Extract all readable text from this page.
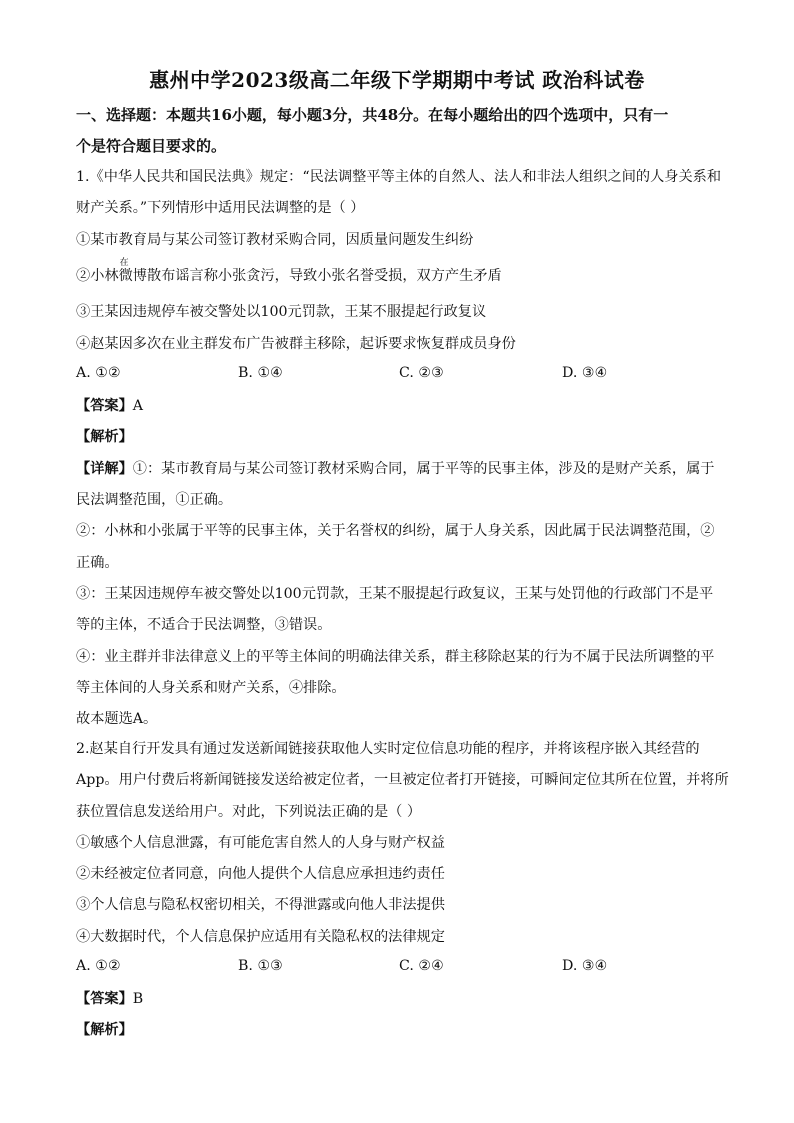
惠州中学2023级高二年级下学期期中考试 政治科试卷
一、选择题：本题共16小题，每小题3分，共48分。在每小题给出的四个选项中，只有一
个是符合题目要求的。
1.《中华人民共和国民法典》规定：“民法调整平等主体的自然人、法人和非法人组织之间的人身关系和
财产关系。”下列情形中适用民法调整的是（ ）
①某市教育局与某公司签订教材采购合同，因质量问题发生纠纷
②小林
在
微博散布谣言称小张贪污，导致小张名誉受损，双方产生矛盾
③王某因违规停车被交警处以100元罚款，王某不服提起行政复议
④赵某因多次在业主群发布广告被群主移除，起诉要求恢复群成员身份
A. ①②	B. ①④	C. ②③	D. ③④
【答案】A
【解析】
【详解】①：某市教育局与某公司签订教材采购合同，属于平等的民事主体，涉及的是财产关系，属于
民法调整范围，①正确。
②：小林和小张属于平等的民事主体，关于名誉权的纠纷，属于人身关系，因此属于民法调整范围，②
正确。
③：王某因违规停车被交警处以100元罚款，王某不服提起行政复议，王某与处罚他的行政部门不是平
等的主体，不适合于民法调整，③错误。
④：业主群并非法律意义上的平等主体间的明确法律关系，群主移除赵某的行为不属于民法所调整的平
等主体间的人身关系和财产关系，④排除。
故本题选A。
2.赵某自行开发具有通过发送新闻链接获取他人实时定位信息功能的程序，并将该程序嵌入其经营的
App。用户付费后将新闻链接发送给被定位者，一旦被定位者打开链接，可瞬间定位其所在位置，并将所
获位置信息发送给用户。对此，下列说法正确的是（ ）
①敏感个人信息泄露，有可能危害自然人的人身与财产权益
②未经被定位者同意，向他人提供个人信息应承担违约责任
③个人信息与隐私权密切相关，不得泄露或向他人非法提供
④大数据时代，个人信息保护应适用有关隐私权的法律规定
A. ①②	B. ①③	C. ②④	D. ③④
【答案】B
【解析】
